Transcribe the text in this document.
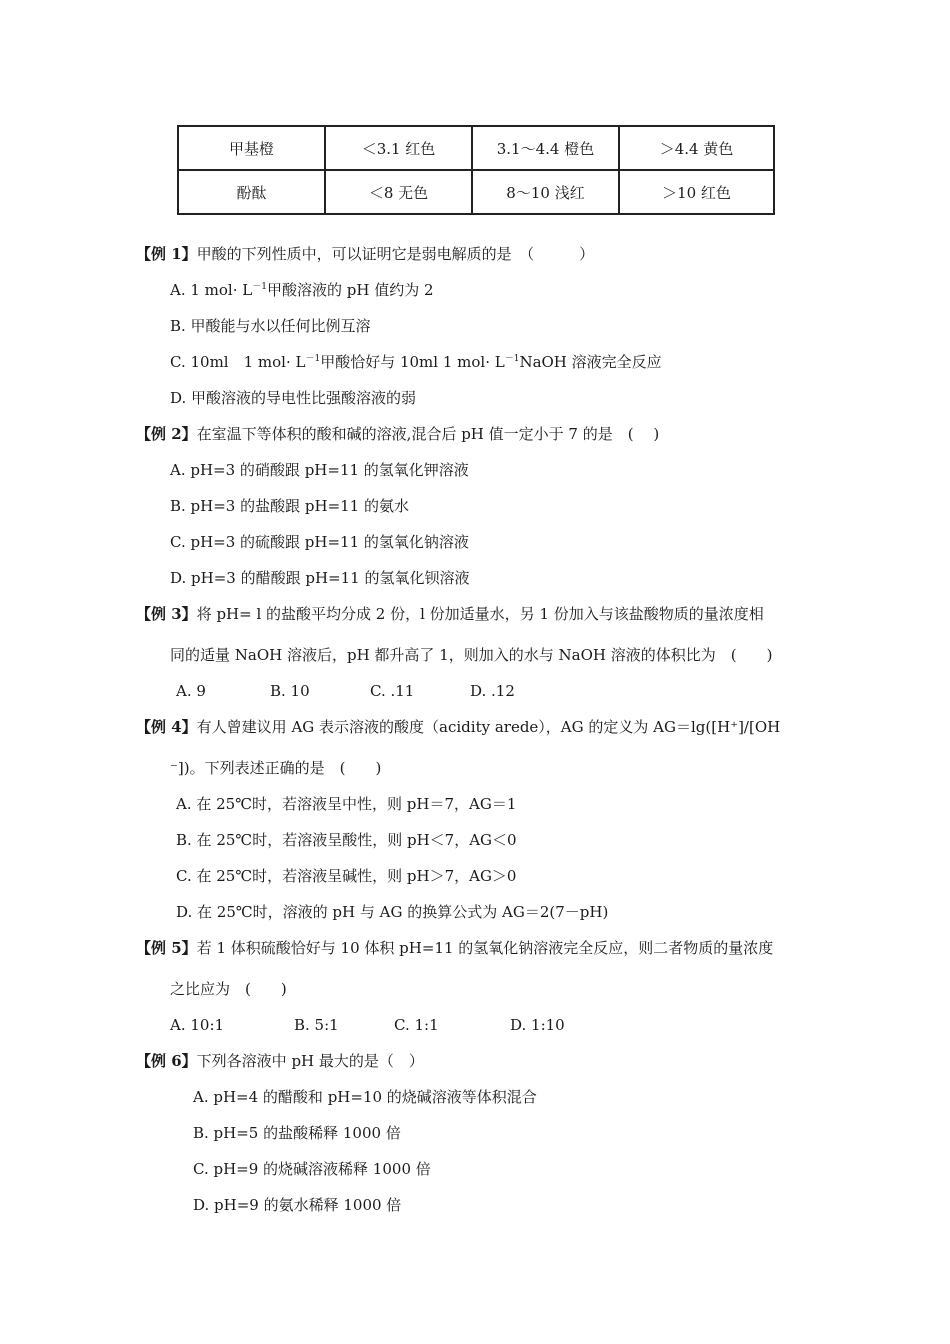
甲基橙	＜3.1 红色	3.1～4.4 橙色	＞4.4 黄色
酚酞	＜8 无色	8～10 浅红	＞10 红色
【例 1】甲酸的下列性质中，可以证明它是弱电解质的是　（　　　）
A. 1 $mol\cdot L^{-1}$甲酸溶液的 pH 值约为 2
B. 甲酸能与水以任何比例互溶
C. 10ml　1 $mol\cdot L^{-1}$甲酸恰好与 10ml 1 $mol\cdot L^{-1}NaOH$ 溶液完全反应
D. 甲酸溶液的导电性比强酸溶液的弱
【例 2】在室温下等体积的酸和碱的溶液,混合后 pH 值一定小于 7 的是　(　 )
A. pH=3 的硝酸跟 pH=11 的氢氧化钾溶液
B. pH=3 的盐酸跟 pH=11 的氨水
C. pH=3 的硫酸跟 pH=11 的氢氧化钠溶液
D. pH=3 的醋酸跟 pH=11 的氢氧化钡溶液
【例 3】将 pH= l 的盐酸平均分成 2 份，l 份加适量水，另 1 份加入与该盐酸物质的量浓度相
同的适量 NaOH 溶液后，pH 都升高了 1，则加入的水与 NaOH 溶液的体积比为　(　　)
A. 9	B. 10	C. .11	D. .12
【例 4】有人曾建议用 AG 表示溶液的酸度（acidity arede），AG 的定义为 AG＝lg([H⁺]/[OH
⁻])。下列表述正确的是　(　　)
A. 在 25℃时，若溶液呈中性，则 pH＝7，AG＝1
B. 在 25℃时，若溶液呈酸性，则 pH＜7，AG＜0
C. 在 25℃时，若溶液呈碱性，则 pH＞7，AG＞0
D. 在 25℃时，溶液的 pH 与 AG 的换算公式为 AG＝2(7－pH)
【例 5】若 1 体积硫酸恰好与 10 体积 pH=11 的氢氧化钠溶液完全反应，则二者物质的量浓度
之比应为　(　　)
A. 10:1	B. 5:1	C. 1:1	D. 1:10
【例 6】下列各溶液中 pH 最大的是（　）
A. pH=4 的醋酸和 pH=10 的烧碱溶液等体积混合
B. pH=5 的盐酸稀释 1000 倍
C. pH=9 的烧碱溶液稀释 1000 倍
D. pH=9 的氨水稀释 1000 倍
